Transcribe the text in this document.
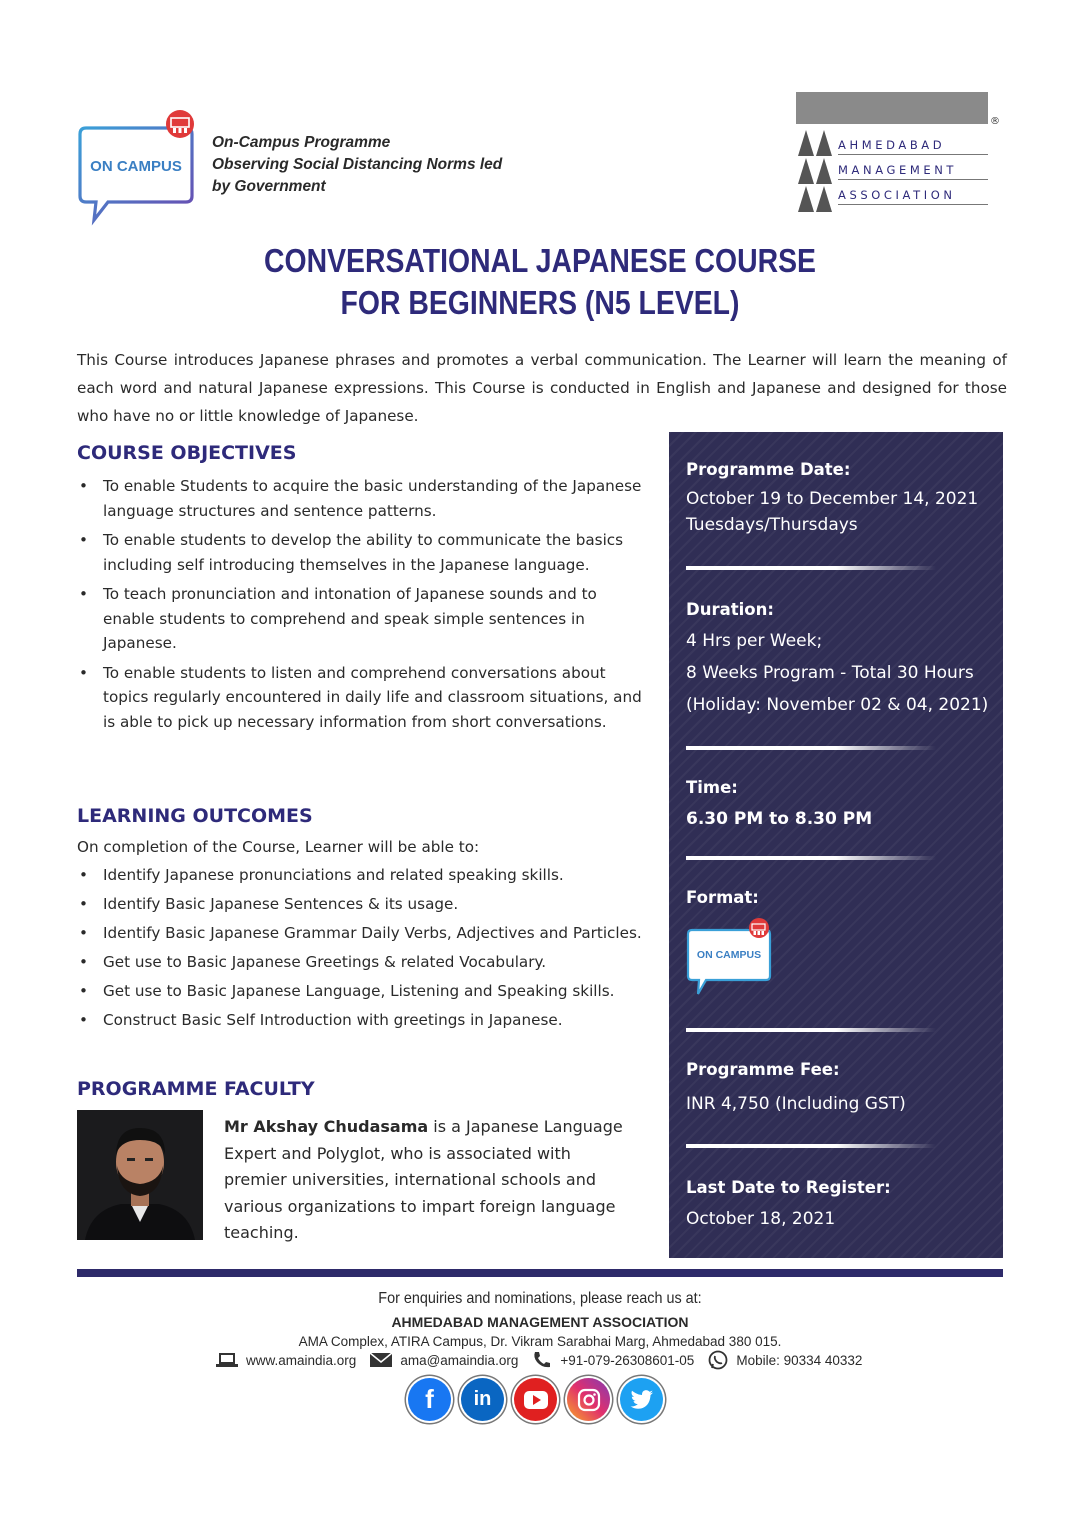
ON CAMPUS
On-Campus Programme
Observing Social Distancing Norms led
by Government
®
AHMEDABAD
MANAGEMENT
ASSOCIATION
CONVERSATIONAL JAPANESE COURSE
FOR BEGINNERS (N5 LEVEL)
This Course introduces Japanese phrases and promotes a verbal communication. The Learner will learn the meaning of each word and natural Japanese expressions. This Course is conducted in English and Japanese and designed for those who have no or little knowledge of Japanese.
COURSE OBJECTIVES
• To enable Students to acquire the basic understanding of the Japanese language structures and sentence patterns.
• To enable students to develop the ability to communicate the basics including self introducing themselves in the Japanese language.
• To teach pronunciation and intonation of Japanese sounds and to enable students to comprehend and speak simple sentences in Japanese.
• To enable students to listen and comprehend conversations about topics regularly encountered in daily life and classroom situations, and is able to pick up necessary information from short conversations.
LEARNING OUTCOMES
On completion of the Course, Learner will be able to:
• Identify Japanese pronunciations and related speaking skills.
• Identify Basic Japanese Sentences & its usage.
• Identify Basic Japanese Grammar Daily Verbs, Adjectives and Particles.
• Get use to Basic Japanese Greetings & related Vocabulary.
• Get use to Basic Japanese Language, Listening and Speaking skills.
• Construct Basic Self Introduction with greetings in Japanese.
PROGRAMME FACULTY
Mr Akshay Chudasama is a Japanese Language Expert and Polyglot, who is associated with premier universities, international schools and various organizations to impart foreign language teaching.
Programme Date:
October 19 to December 14, 2021
Tuesdays/Thursdays
Duration:
4 Hrs per Week;
8 Weeks Program - Total 30 Hours
(Holiday: November 02 & 04, 2021)
Time:
6.30 PM to 8.30 PM
Format:
ON CAMPUS
Programme Fee:
INR 4,750 (Including GST)
Last Date to Register:
October 18, 2021
For enquiries and nominations, please reach us at:
AHMEDABAD MANAGEMENT ASSOCIATION
AMA Complex, ATIRA Campus, Dr. Vikram Sarabhai Marg, Ahmedabad 380 015.
www.amaindia.org	ama@amaindia.org	+91-079-26308601-05	Mobile: 90334 40332
f	in
